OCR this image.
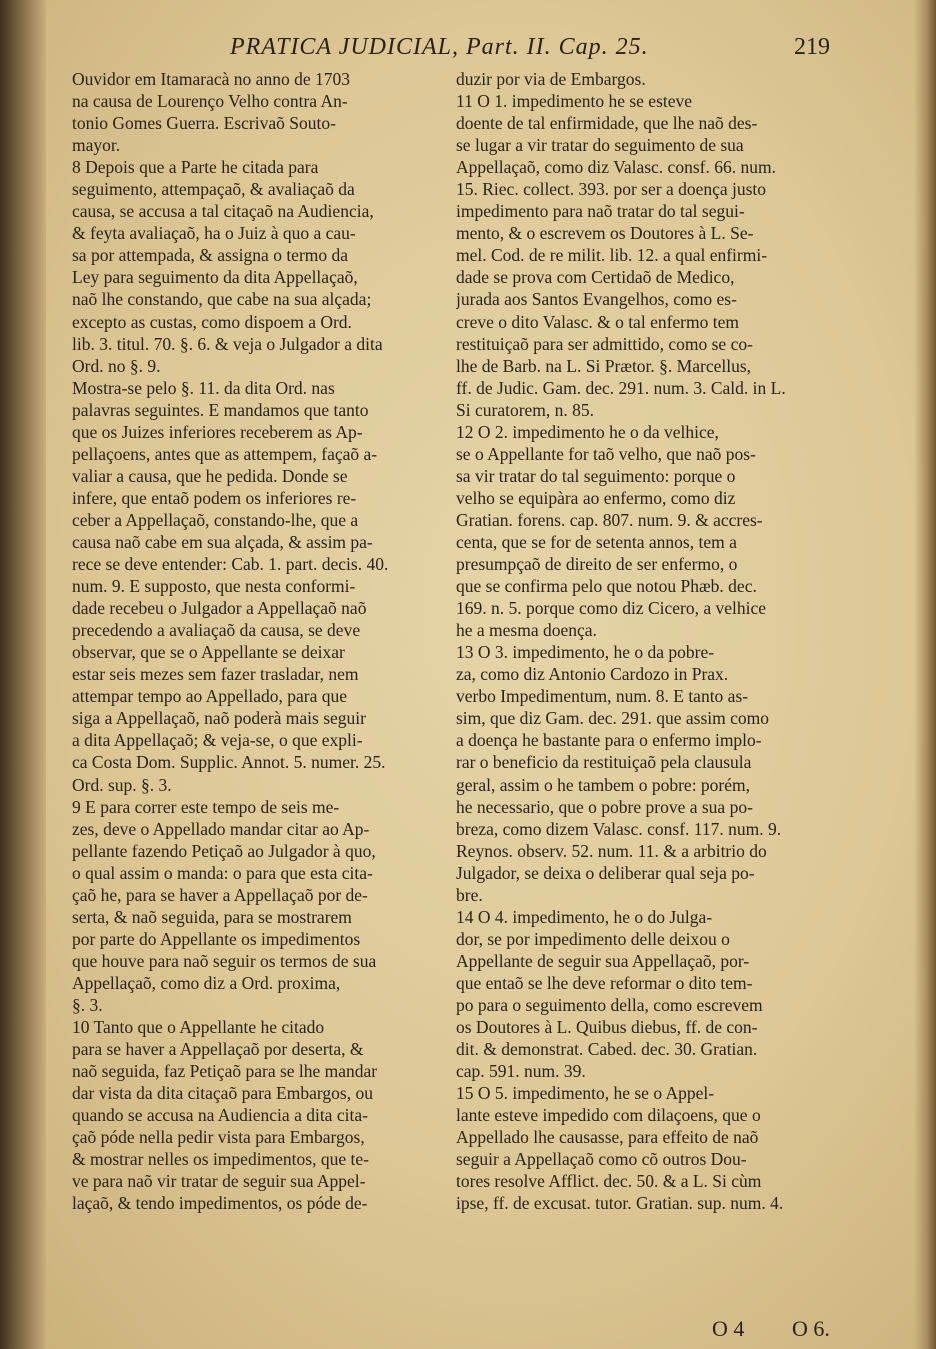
PRATICA JUDICIAL, Part. II. Cap. 25.	219
Ouvidor em Itamaracà no anno de 1703
na causa de Lourenço Velho contra An-
tonio Gomes Guerra. Escrivaõ Souto-
mayor.
8 Depois que a Parte he citada para
seguimento, attempaçaõ, & avaliaçaõ da
causa, se accusa a tal citaçaõ na Audiencia,
& feyta avaliaçaõ, ha o Juiz à quo a cau-
sa por attempada, & assigna o termo da
Ley para seguimento da dita Appellaçaõ,
naõ lhe constando, que cabe na sua alçada;
excepto as custas, como dispoem a Ord.
lib. 3. titul. 70. §. 6. & veja o Julgador a dita
Ord. no §. 9.
Mostra-se pelo §. 11. da dita Ord. nas
palavras seguintes. E mandamos que tanto
que os Juizes inferiores receberem as Ap-
pellaçoens, antes que as attempem, façaõ a-
valiar a causa, que he pedida. Donde se
infere, que entaõ podem os inferiores re-
ceber a Appellaçaõ, constando-lhe, que a
causa naõ cabe em sua alçada, & assim pa-
rece se deve entender: Cab. 1. part. decis. 40.
num. 9. E supposto, que nesta conformi-
dade recebeu o Julgador a Appellaçaõ naõ
precedendo a avaliaçaõ da causa, se deve
observar, que se o Appellante se deixar
estar seis mezes sem fazer trasladar, nem
attempar tempo ao Appellado, para que
siga a Appellaçaõ, naõ poderà mais seguir
a dita Appellaçaõ; & veja-se, o que expli-
ca Costa Dom. Supplic. Annot. 5. numer. 25.
Ord. sup. §. 3.
9 E para correr este tempo de seis me-
zes, deve o Appellado mandar citar ao Ap-
pellante fazendo Petiçaõ ao Julgador à quo,
o qual assim o manda: o para que esta cita-
çaõ he, para se haver a Appellaçaõ por de-
serta, & naõ seguida, para se mostrarem
por parte do Appellante os impedimentos
que houve para naõ seguir os termos de sua
Appellaçaõ, como diz a Ord. proxima,
§. 3.
10 Tanto que o Appellante he citado
para se haver a Appellaçaõ por deserta, &
naõ seguida, faz Petiçaõ para se lhe mandar
dar vista da dita citaçaõ para Embargos, ou
quando se accusa na Audiencia a dita cita-
çaõ póde nella pedir vista para Embargos,
& mostrar nelles os impedimentos, que te-
ve para naõ vir tratar de seguir sua Appel-
laçaõ, & tendo impedimentos, os póde de-
duzir por via de Embargos.
11 O 1. impedimento he se esteve
doente de tal enfirmidade, que lhe naõ des-
se lugar a vir tratar do seguimento de sua
Appellaçaõ, como diz Valasc. consf. 66. num.
15. Riec. collect. 393. por ser a doença justo
impedimento para naõ tratar do tal segui-
mento, & o escrevem os Doutores à L. Se-
mel. Cod. de re milit. lib. 12. a qual enfirmi-
dade se prova com Certidaõ de Medico,
jurada aos Santos Evangelhos, como es-
creve o dito Valasc. & o tal enfermo tem
restituiçaõ para ser admittido, como se co-
lhe de Barb. na L. Si Prætor. §. Marcellus,
ff. de Judic. Gam. dec. 291. num. 3. Cald. in L.
Si curatorem, n. 85.
12 O 2. impedimento he o da velhice,
se o Appellante for taõ velho, que naõ pos-
sa vir tratar do tal seguimento: porque o
velho se equipàra ao enfermo, como diz
Gratian. forens. cap. 807. num. 9. & accres-
centa, que se for de setenta annos, tem a
presumpçaõ de direito de ser enfermo, o
que se confirma pelo que notou Phæb. dec.
169. n. 5. porque como diz Cicero, a velhice
he a mesma doença.
13 O 3. impedimento, he o da pobre-
za, como diz Antonio Cardozo in Prax.
verbo Impedimentum, num. 8. E tanto as-
sim, que diz Gam. dec. 291. que assim como
a doença he bastante para o enfermo implo-
rar o beneficio da restituiçaõ pela clausula
geral, assim o he tambem o pobre: porém,
he necessario, que o pobre prove a sua po-
breza, como dizem Valasc. consf. 117. num. 9.
Reynos. observ. 52. num. 11. & a arbitrio do
Julgador, se deixa o deliberar qual seja po-
bre.
14 O 4. impedimento, he o do Julga-
dor, se por impedimento delle deixou o
Appellante de seguir sua Appellaçaõ, por-
que entaõ se lhe deve reformar o dito tem-
po para o seguimento della, como escrevem
os Doutores à L. Quibus diebus, ff. de con-
dit. & demonstrat. Cabed. dec. 30. Gratian.
cap. 591. num. 39.
15 O 5. impedimento, he se o Appel-
lante esteve impedido com dilaçoens, que o
Appellado lhe causasse, para effeito de naõ
seguir a Appellaçaõ como cõ outros Dou-
tores resolve Afflict. dec. 50. & a L. Si cùm
ipse, ff. de excusat. tutor. Gratian. sup. num. 4.
O 4 O 6.
